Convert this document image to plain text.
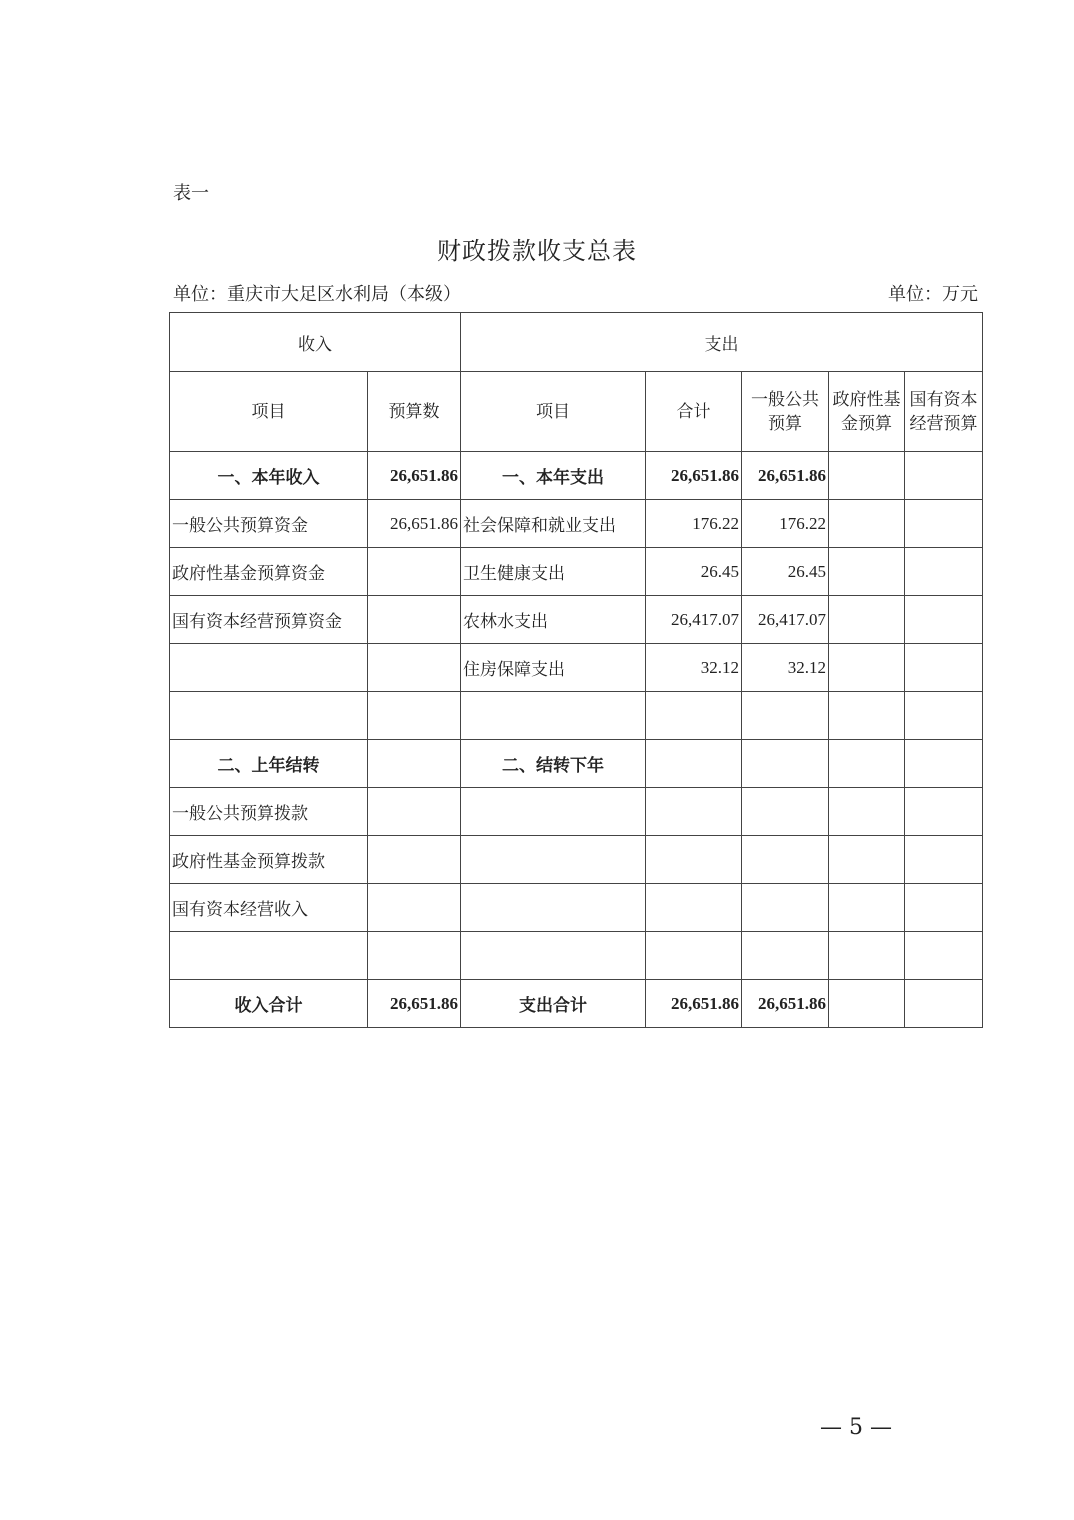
表一
财政拨款收支总表
单位：重庆市大足区水利局（本级）	单位：万元
收入		支出				
项目	预算数	项目	合计	一般公共预算	政府性基金预算	国有资本经营预算
一、本年收入	26,651.86	一、本年支出	26,651.86	26,651.86		
一般公共预算资金	26,651.86	社会保障和就业支出	176.22	176.22		
政府性基金预算资金		卫生健康支出	26.45	26.45		
国有资本经营预算资金		农林水支出	26,417.07	26,417.07		
		住房保障支出	32.12	32.12		

二、上年结转		二、结转下年				
一般公共预算拨款						
政府性基金预算拨款						
国有资本经营收入						

收入合计	26,651.86	支出合计	26,651.86	26,651.86		
— 5 —
